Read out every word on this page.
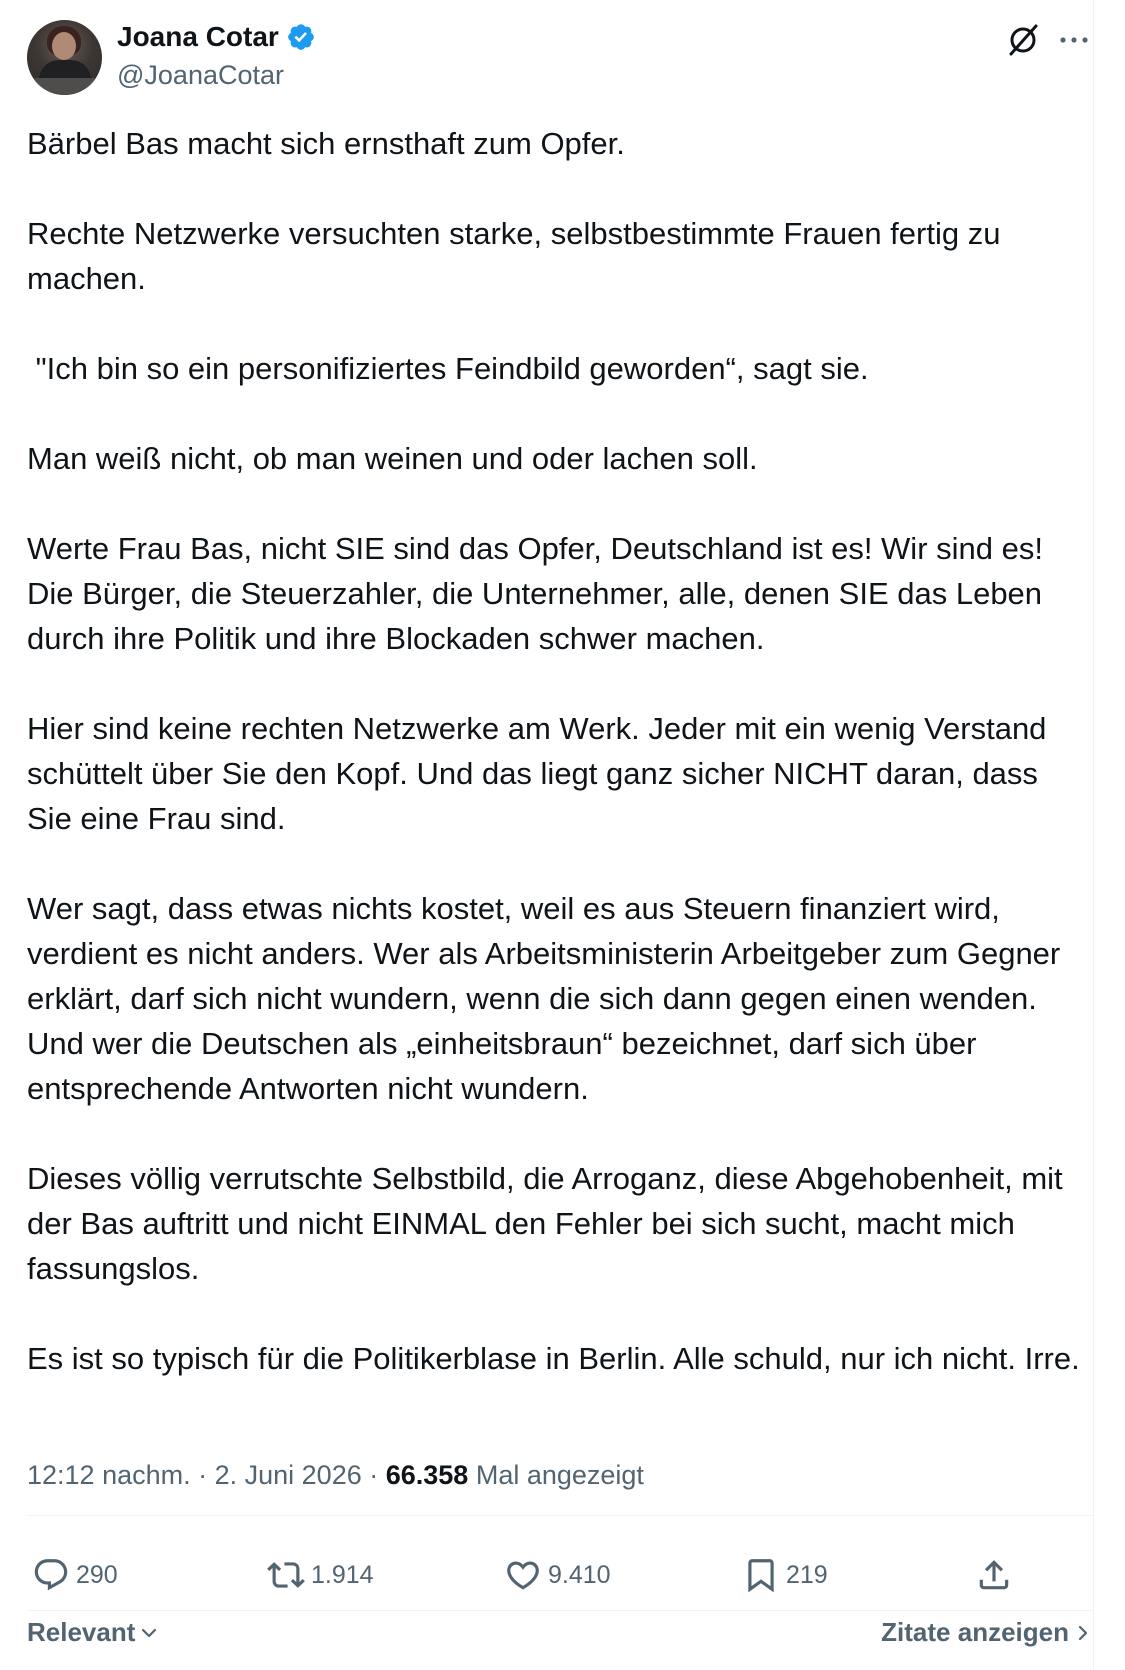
Joana Cotar
@JoanaCotar
Bärbel Bas macht sich ernsthaft zum Opfer.

Rechte Netzwerke versuchten starke, selbstbestimmte Frauen fertig zu machen.

"Ich bin so ein personifiziertes Feindbild geworden“, sagt sie.

Man weiß nicht, ob man weinen und oder lachen soll.

Werte Frau Bas, nicht SIE sind das Opfer, Deutschland ist es! Wir sind es! Die Bürger, die Steuerzahler, die Unternehmer, alle, denen SIE das Leben durch ihre Politik und ihre Blockaden schwer machen.

Hier sind keine rechten Netzwerke am Werk. Jeder mit ein wenig Verstand schüttelt über Sie den Kopf. Und das liegt ganz sicher NICHT daran, dass Sie eine Frau sind.

Wer sagt, dass etwas nichts kostet, weil es aus Steuern finanziert wird, verdient es nicht anders. Wer als Arbeitsministerin Arbeitgeber zum Gegner erklärt, darf sich nicht wundern, wenn die sich dann gegen einen wenden. Und wer die Deutschen als „einheitsbraun“ bezeichnet, darf sich über entsprechende Antworten nicht wundern.

Dieses völlig verrutschte Selbstbild, die Arroganz, diese Abgehobenheit, mit der Bas auftritt und nicht EINMAL den Fehler bei sich sucht, macht mich fassungslos.

Es ist so typisch für die Politikerblase in Berlin. Alle schuld, nur ich nicht. Irre.
12:12 nachm. · 2. Juni 2026 · 66.358 Mal angezeigt
290	1.914	9.410	219
Relevant	Zitate anzeigen
